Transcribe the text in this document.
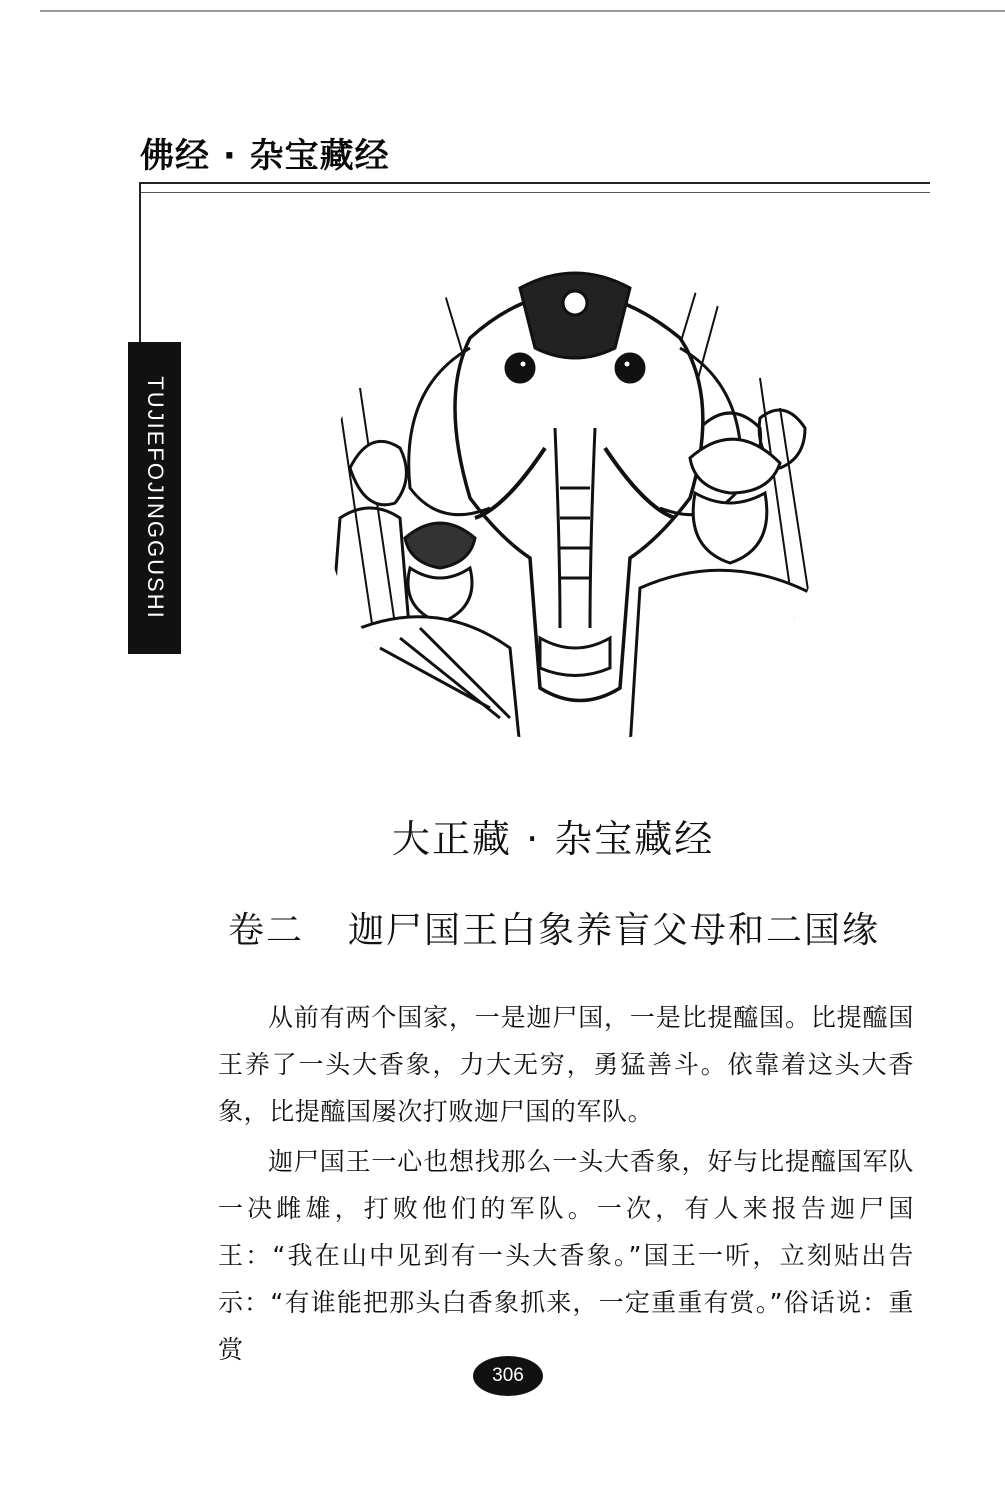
佛经 · 杂宝藏经
TUJIEFOJINGGUSHI
大正藏 · 杂宝藏经
卷二 迦尸国王白象养盲父母和二国缘

从前有两个国家，一是迦尸国，一是比提醯国。比提醯国王养了一头大香象，力大无穷，勇猛善斗。依靠着这头大香象，比提醯国屡次打败迦尸国的军队。

迦尸国王一心也想找那么一头大香象，好与比提醯国军队一决雌雄，打败他们的军队。一次，有人来报告迦尸国王：“我在山中见到有一头大香象。”国王一听，立刻贴出告示：“有谁能把那头白香象抓来，一定重重有赏。”俗话说：重赏

306
